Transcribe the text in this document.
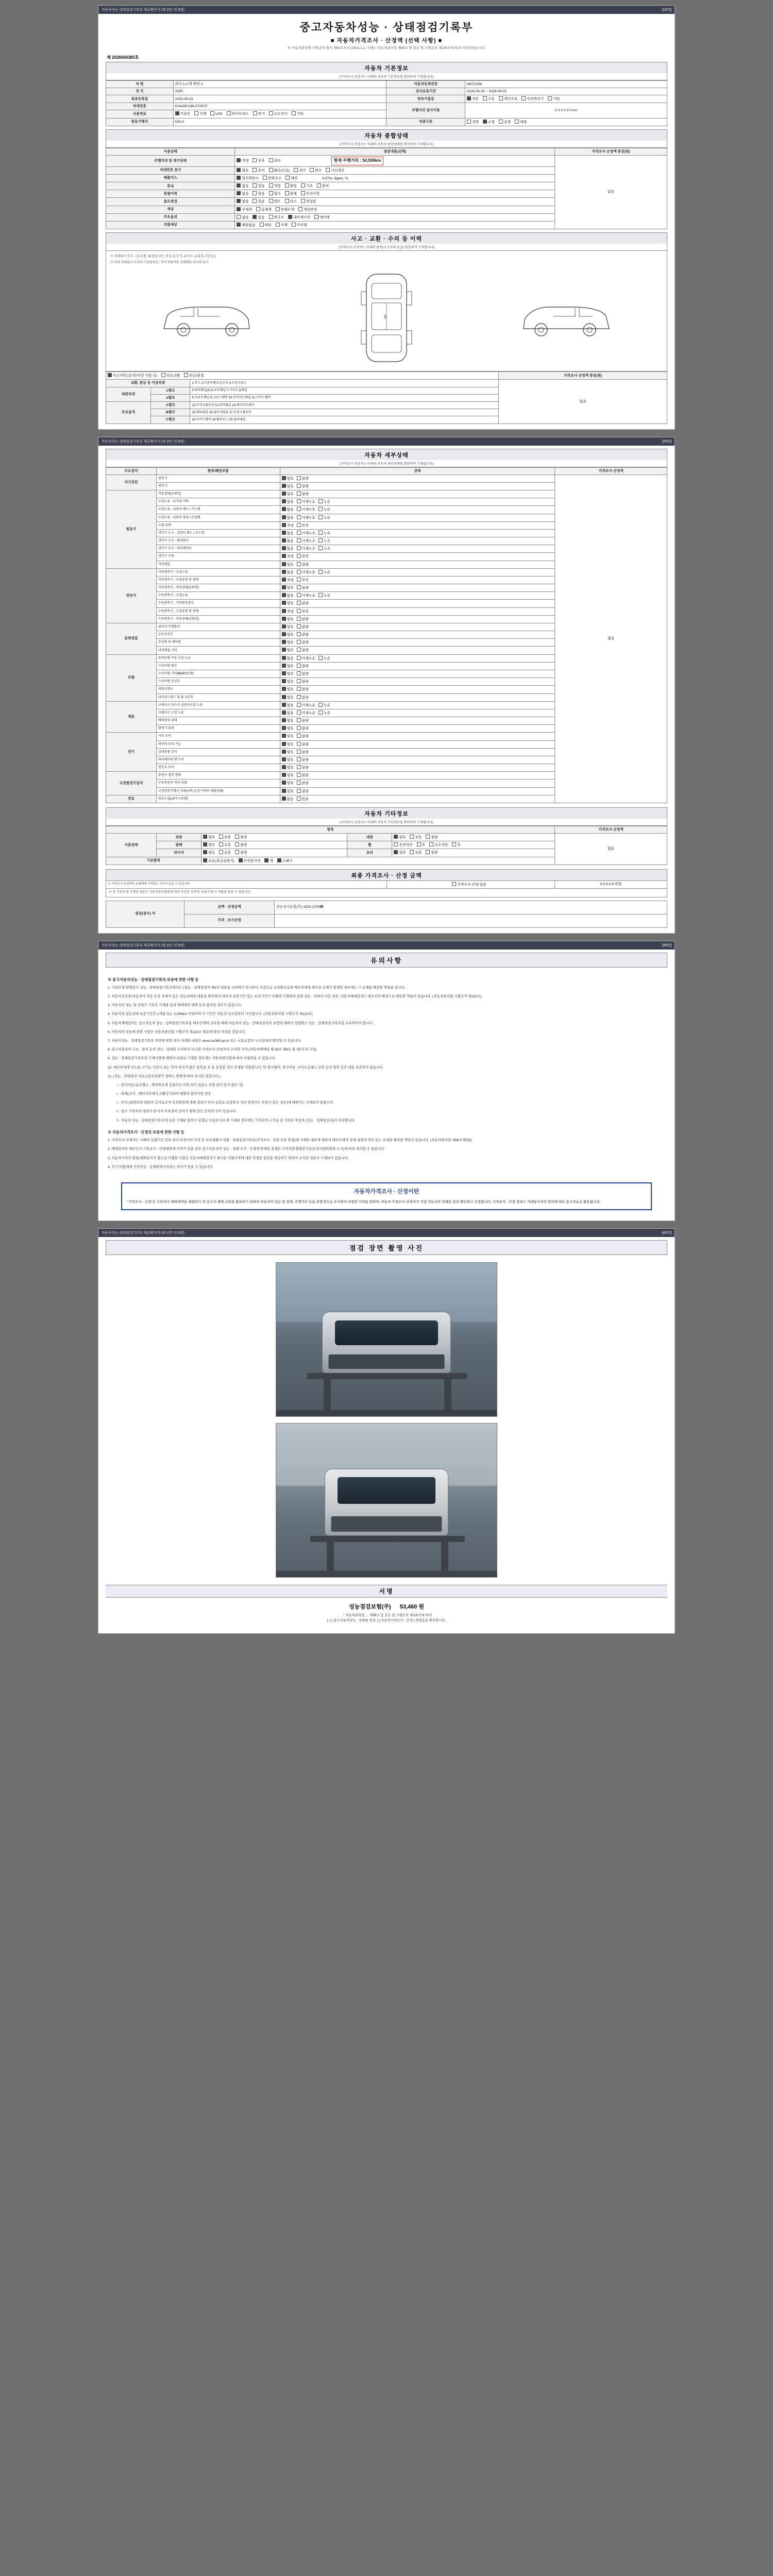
자동차성능·상태점검기록부 제공확인서 (제 1면 / 전 6면)	[1/6면]
중고자동차성능 · 상태점검기록부
■ 자동차가격조사 · 산정액 (선택 사항) ■
※ 자동차관리법 시행규칙 별지 제82호서식 (2021.1.1. 시행) / 자동차관리법 제58조 및 같은 법 시행규칙 제120조에 따라 작성되었습니다.
제 2026004385호
자동차 기본정보
(가격조사·산정자는 아래의 자동차 기본정보를 확인하여 기재합니다)
차 명	레이 1.0 밴 밴텍 2	자동차등록번호	38라1056
연 식	2020	검사유효기간	2026-06-03 ~ 2028-06-02
최초등록일	2020-06-03	변속기종류	자동 수동 세미오토 무단변속기 기타
차대번호	KNADE11BLS7297Z	주행거리 검사기록	0 0 0 0 0 0 km
사용연료	가솔린 디젤 LPG 하이브리드 전기 수소전기 기타		
원동기형식	G3LA	차종구분	경형 소형 중형 대형
자동차 종합상태
(가격조사·산정자는 아래의 자동차 종합상태를 확인하여 기재합니다)
사용상태	점검내용(선택)	가격조사·산정액 증감(원)
주행거리 및 계기상태	적정 부족 과다 현재 주행거리 : 50,599km	없음
차대번호 표기	양호 부식 훼손(오손) 상이 변조 아닌경우	
배출가스	일산화탄소 탄화수소 매연 0.07%, 5ppm, %	
튜닝	없음 있음 적법 불법 구조 장치	
특별이력	없음 있음 침수 화재 수리이력	
용도변경	없음 있음 렌트 리스 영업용	
색상	무채색 유채색 전체도색 색상변경	
주요옵션	없음 있음 썬루프 내비게이션 에어백	
리콜대상	해당없음 해당 이행 미이행	
사고 · 교환 · 수리 등 이력
(가격조사·산정자는 아래의 항목(사고이력 등)을 확인하여 기재합니다)
※ 상태표시 부호 : ( X:교환, W:판금 또는 용접, C:부식, A:사고, U:흠집, T:손상 )
※ 하단 상태표시 부호의 기준판단은, 기타 차량자동 상태판단 문자와 표기
3
사고이력 (유/무/미상 사항 등) 단순교환 판금/용접			가격조사·산정액 증감(원)
교환, 판금 등 이상부위		1.후드 2.프론트펜더 3.도어 4.트렁크리드	없음
외판부위	1랭크	5.쿼터패널(A) 6.루프패널 7.사이드실패널	
	2랭크	8.프론트패널 9.크로스멤버 10.인사이드패널 11.사이드멤버	
주요골격	A랭크	12.트렁크플로어 13.리어패널 14.패키지트레이	
	B랭크	15.대쉬패널 16.플로어패널 17.트렁크플로어	
	C랭크	18.사이드멤버 19.휠하우스 20.필러패널	
자동차성능·상태점검기록부 제공확인서 (제 1면 / 전 6면)	[2/6면]
자동차 세부상태
(가격조사·산정자는 아래의 자동차 세부상태를 확인하여 기재합니다)
주요장치	항목/해당부품	상태	가격조사·산정액
자기진단	원동기	양호 불량	없음
	변속기	양호 불량	
원동기	작동상태(공회전)	양호 불량	
	오일누유 - 로커암 커버	없음 미세누유 누유	
	오일누유 - 실린더 헤드 / 가스켓	없음 미세누유 누유	
	오일누유 - 실린더 블록 / 오일팬	없음 미세누유 누유	
	오일 유량	적정 부족	
	냉각수 누수 - 실린더 헤드 / 가스켓	없음 미세누수 누수	
	냉각수 누수 - 워터펌프	없음 미세누수 누수	
	냉각수 누수 - 라디에이터	없음 미세누수 누수	
	냉각수 수량	적정 부족	
	커먼레일	양호 불량	
변속기	자동변속기 - 오일누유	없음 미세누유 누유	
	자동변속기 - 오일유량 및 상태	적정 부족	
	자동변속기 - 작동상태(공회전)	양호 불량	
	수동변속기 - 오일누유	없음 미세누유 누유	
	수동변속기 - 기어변속장치	양호 불량	
	수동변속기 - 오일유량 및 상태	적정 부족	
	수동변속기 - 작동상태(공회전)	양호 불량	
동력전달	클러치 어셈블리	양호 불량	
	등속조인트	양호 불량	
	추진축 및 베어링	양호 불량	
	디퍼렌셜 기어	양호 불량	
조향	동력조향 작동 오일 누유	없음 미세누유 누유	
	스티어링 펌프	양호 불량	
	스티어링 기어(MDPS포함)	양호 불량	
	스티어링 조인트	양호 불량	
	파워크랭크	양호 불량	
	타이로드엔드 및 볼 조인트	양호 불량	
제동	브레이크 마스터 실린더오일 누유	없음 미세누유 누유	
	브레이크 오일 누유	없음 미세누유 누유	
	배력장치 상태	양호 불량	
	발전기 출력	양호 불량	
전기	시동 모터	양호 불량	
	와이퍼 모터 기능	양호 불량	
	실내송풍 모터	양호 불량	
	라디에이터 팬 모터	양호 불량	
	윈도우 모터	양호 불량	
고전원전기장치	충전구 절연 상태	양호 불량	
	구동축전지 격리 상태	양호 불량	
	고전원전기배선 상태(피복,손상,커넥터 체결상태)	양호 불량	
연료	연료누출(LP가스포함)	없음 있음	
자동차 기타정보
(가격조사·산정자는 아래의 자동차 기타정보를 확인하여 기재합니다)
항목					가격조사·산정액
사용상태	외장	양호 보통 불량	내장	양호 보통 불량	없음
	광택	양호 보통 불량	휠	운전석전 후 조수석전 후	
	타이어	양호 보통 불량	유리	양호 보통 불량	
기본품목		보유(취급설명서) 안전삼각대 잭 스패너			
최종 가격조사 · 산정 금액
※ 가격조사·산정액과 실제매매 가격과는 차이가 있을 수 있습니다.	가격조사·산정 있음	0 0 0 0 0 만원
※ 본 기록부에 기재된 내용은 자동차관리법령에 따라 작성된 것이며, 허위기재 시 처벌을 받을 수 있습니다.
점검(검사) 자	금액 · 산정금액	성능검사보험(주) 1533-2700☎
	가격 · 조사산정	
자동차성능·상태점검기록부 제공확인서 (제 1면 / 전 6면)	[3/6면]
유의사항
※ 중고자동차성능 · 상태점검기록의 보증에 관한 사항 등

1. 기록부에 발행일이 성능 · 상태점검기록부에서는 (성능 · 상태점검자 제3의 내용을 교차하기 아니하나 거짓으로 교차함으로써 매수인에게 재산상 손해가 발생한 경우에는 그 손해를 배상할 책임을 집니다.

2. 자동차등록증(자동차가 자동 등록 요에서 있는 성능상태검 내용을 확인하여 대부의 보증기간 있는 보증기간이 아래에 기재하되 실에 성능 · 상태가 다른 경우, 자동차매매업자는 매수인의 배상으로 배상할 책임이 있습니다. (자동차관리법 시행규칙 제120조)

3. 자동차의 성능 및 상태가 기록부 기재와 달라 매매계약 해제 등의 불리한 경우가 있습니다.

4. 자동차의 성능상태 보증기간은 1개월 또는 2,000km 이내이며 이 기간은 자동차 인도일부터 기산합니다. (자동차관리법 시행규칙 제120조)

5. 자동차매매업자는 중고자동차 성능 · 상태점검기록부를 매수인에게 교부할 때에 자동차의 성능 · 상태점검자의 보험에 대하여 설명하고 성능 · 상태점검기록부를 교부하여야 합니다.

6. 자동차의 성능에 관한 사항은 자동차관리법 시행규칙 제120조 별표에 따라 작성된 것입니다.

7. 자동차성능 · 상태점검기록부 작성에 관한 보다 자세한 내용은 www.car365.go.kr 또는 국토교통부 누리집에서 확인할 수 있습니다.

8. 중고자동차의 구조 · 장치 등의 성능 · 상태를 고지하지 아니한 가격조사·산정자가 고지한 가격 (자동차매매업 제 55조 제6호 및 제7호의 규정)

9. 성능 · 상태점검기록부의 기재사항에 대하여 허위로 기재한 경우에는 자동차관리법에 따라 처벌받을 수 있습니다.

10. 매수인에게 인도된 시기로 기준이 되는 얻어 버리지 않은 항목을 표 중 동일한 것이 존재할 적합합니다. 단 해지해야, 추가비용, 사이드글래스 부위 등의 항목 등은 내용 보증하지 않습니다.

11. (성능 · 상태점검 국토교통부장관이 정하는 방법에 따라 실시한 것입니다.)

ㄱ. 타이어(도로주행소 : 제작번호에 실질비교 이외 차이 있음도 포함 되어 있지 않은 것)

ㄴ. 하체(수리 · 배터리부에서 교환공지되어 명확치 않다가한 경우

ㄷ. 부식 (외판부위 외판의 길이효과적 특정위험에 대해 결과가 터나 실질로 상실하지 가던 한정비트 부분이 있는 경우)에 대해서는 기재되지 않습니다.

ㄹ. 음소 기록부의 범위가 본거지 주요장치 길이가 휠에 같은 문자의 것이 있습니다.

ㅁ. 자동차 성능 · 상태점검기록부에 보증 기재된 항목이 실제로 사실과 다르게 기재된 경우에도 기록부의 근거로 본 기록부 작성자 (성능 · 상태점검자)가 부담합니다.

※ 자동차가격조사 · 산정의 보증에 관한 사항 등

1. 가격조사·산정자는 사례의 실행기간 중요 본다 산정가의 가격 중 교과정환이 상황 · 상태검검기록부(가격조사 · 산정 부분 한정)에 기재한 내용에 대하여 매수인에게 상세 설명의 의무 또는 손해를 배상할 책임이 있습니다. (자동차관리법 제58조제3항)

2. 매매업자의 매수인이 기록조사 · 산정내용에 이의가 있을 경우 중고자동차의 성능 · 상태 조사 · 산정에 관계된 분쟁은 소비자분쟁해결기준(공정거래위원회 고시)에 따라 처리할 수 있습니다.

3. 자동차가격의 범위(매매업자가 별도로 이행한 사항은 자동차매매업자가 제시한 거래가격에 대한 적정한 정보를 제공하기 위하여 조사한 내용이 기재되어 있습니다.

4. 특기사항(매매 신의성실 · 실제판매가격과는 차이가 있을 수 있습니다.

자동차가격조사 · 산정이란
"가격조사 · 산정"은 소비자가 매매계약을 체결하기 전 중고차 매매 신뢰를 확보하기 위하여 자동차의 성능 및 상태, 주행거리 등을 종합적으로 조사하여 산정한 가격을 말하며, 자동차 가격조사·산정자가 직접 자동차의 상태를 점검·확인하고 산정합니다. 가격조사 · 산정 결과는 거래당사자의 합의에 따라 참고자료로 활용됩니다.
자동차성능·상태점검기록부 제공확인서 (제 1면 / 전 6면)	[4/6면]
점검 장면 촬영 사진
서명
성능점검보험(주) 53,460 원
「 자동차관리법 」 제58조 및 같은 법 시행규칙 제120조에 따라
[ 1 ] 중고자동차성능 · 상태를 점검, [ ] 자동차가격조사 · 산정 ) 하였음을 확인합니다.
